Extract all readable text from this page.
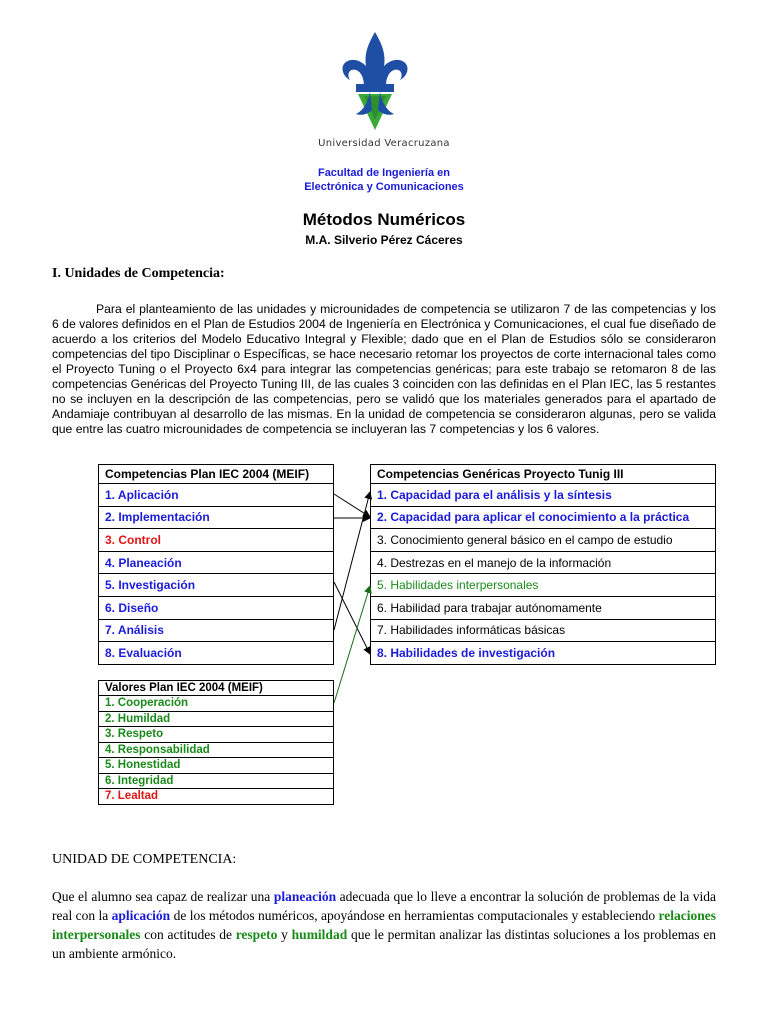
Universidad Veracruzana
Facultad de Ingeniería en
Electrónica y Comunicaciones
Métodos Numéricos
M.A. Silverio Pérez Cáceres
I. Unidades de Competencia:
Para el planteamiento de las unidades y microunidades de competencia se utilizaron 7 de las competencias y los 6 de valores definidos en el Plan de Estudios 2004 de Ingeniería en Electrónica y Comunicaciones, el cual fue diseñado de acuerdo a los criterios del Modelo Educativo Integral y Flexible; dado que en el Plan de Estudios sólo se consideraron competencias del tipo Disciplinar o Específicas, se hace necesario retomar los proyectos de corte internacional tales como el Proyecto Tuning o el Proyecto 6x4 para integrar las competencias genéricas; para este trabajo se retomaron 8 de las competencias Genéricas del Proyecto Tuning III, de las cuales 3 coinciden con las definidas en el Plan IEC, las 5 restantes no se incluyen en la descripción de las competencias, pero se validó que los materiales generados para el apartado de Andamiaje contribuyan al desarrollo de las mismas. En la unidad de competencia se consideraron algunas, pero se valida que entre las cuatro microunidades de competencia se incluyeran las 7 competencias y los 6 valores.
Competencias Plan IEC 2004 (MEIF)
1. Aplicación
2. Implementación
3. Control
4. Planeación
5. Investigación
6. Diseño
7. Análisis
8. Evaluación
Competencias Genéricas Proyecto Tunig III
1. Capacidad para el análisis y la síntesis
2. Capacidad para aplicar el conocimiento a la práctica
3. Conocimiento general básico en el campo de estudio
4. Destrezas en el manejo de la información
5. Habilidades interpersonales
6. Habilidad para trabajar autónomamente
7. Habilidades informáticas básicas
8. Habilidades de investigación
Valores Plan IEC 2004 (MEIF)
1. Cooperación
2. Humildad
3. Respeto
4. Responsabilidad
5. Honestidad
6. Integridad
7. Lealtad
UNIDAD DE COMPETENCIA:
Que el alumno sea capaz de realizar una planeación adecuada que lo lleve a encontrar la solución de problemas de la vida real con la aplicación de los métodos numéricos, apoyándose en herramientas computacionales y estableciendo relaciones interpersonales con actitudes de respeto y humildad que le permitan analizar las distintas soluciones a los problemas en un ambiente armónico.
